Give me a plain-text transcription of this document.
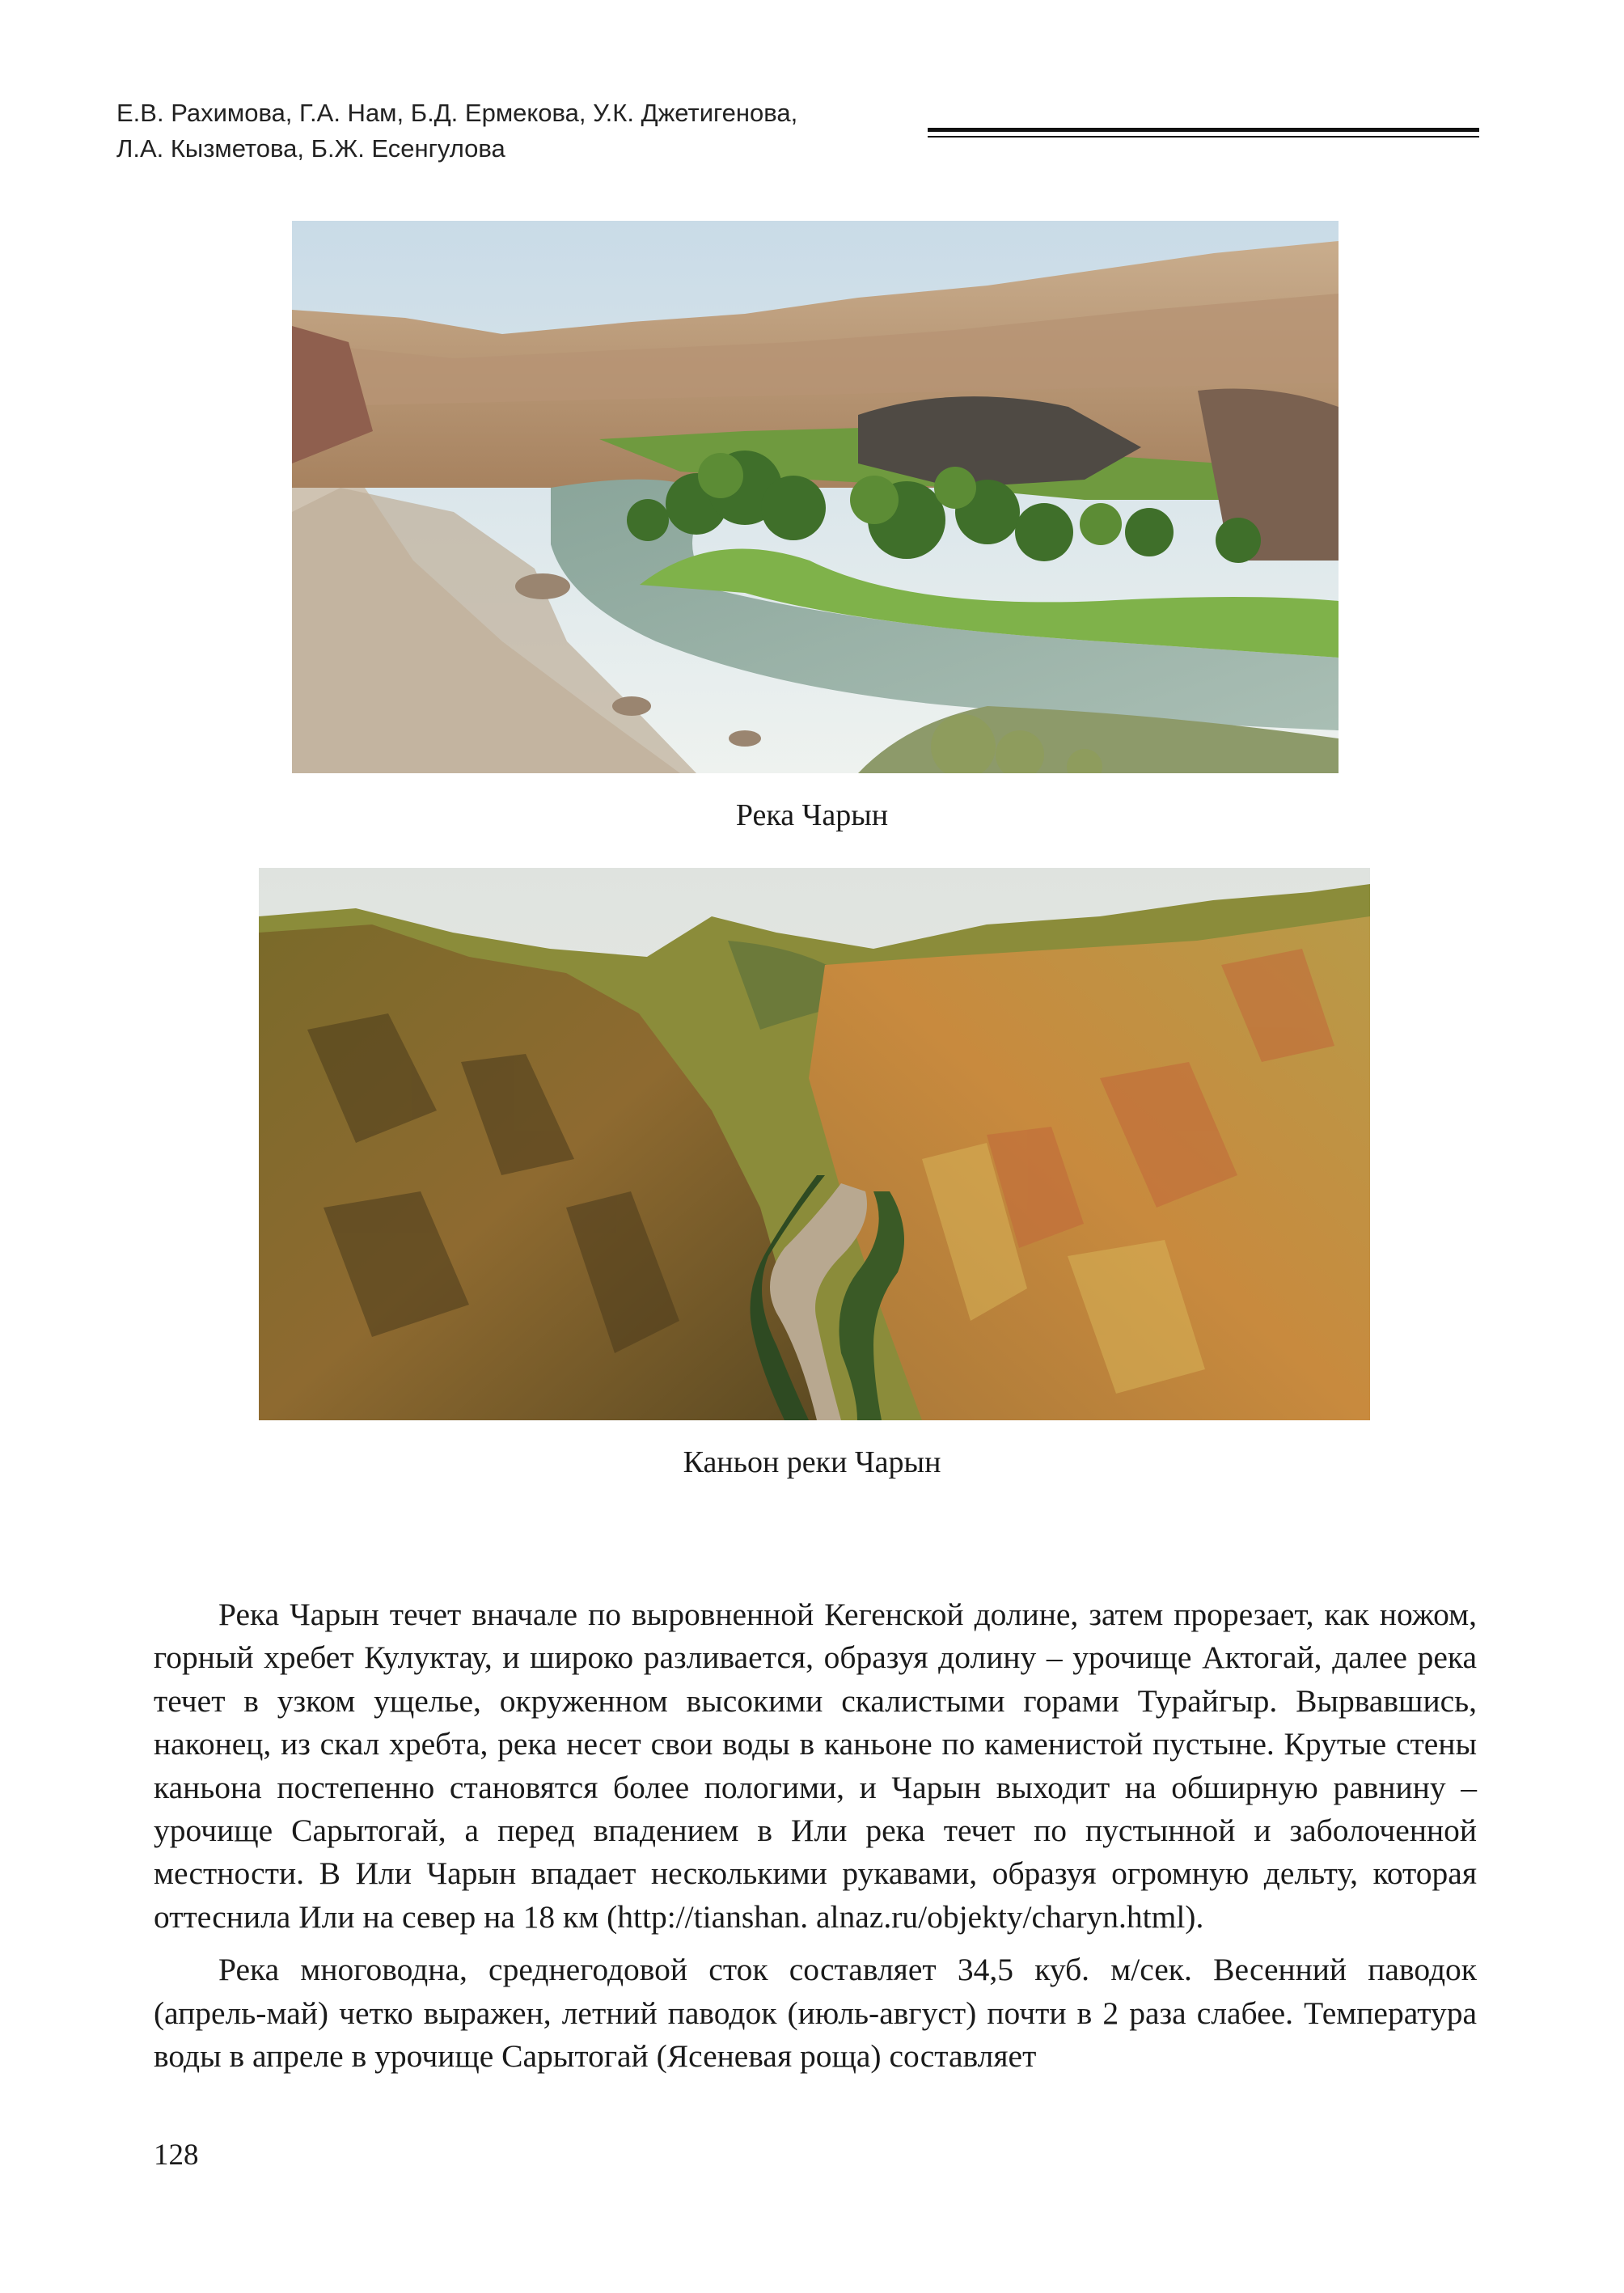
Е.В. Рахимова, Г.А. Нам, Б.Д. Ермекова, У.К. Джетигенова,
Л.А. Кызметова, Б.Ж. Есенгулова
Река Чарын
Каньон реки Чарын

Река Чарын течет вначале по выровненной Кегенской долине, затем прорезает, как ножом, горный хребет Кулуктау, и широко разливается, образуя долину – урочище Актогай, далее река течет в узком ущелье, окруженном высокими скалистыми горами Турайгыр. Вырвавшись, наконец, из скал хребта, река несет свои воды в каньоне по каменистой пустыне. Крутые стены каньона постепенно становятся более пологими, и Чарын выходит на обширную равнину – урочище Сарытогай, а перед впадением в Или река течет по пустынной и заболоченной местности. В Или Чарын впадает несколькими рукавами, образуя огромную дельту, которая оттеснила Или на север на 18 км (http://tianshan. alnaz.ru/objekty/charyn.html).

Река многоводна, среднегодовой сток составляет 34,5 куб. м/сек. Весенний паводок (апрель-май) четко выражен, летний паводок (июль-август) почти в 2 раза слабее. Температура воды в апреле в урочище Сарытогай (Ясеневая роща) составляет

128
